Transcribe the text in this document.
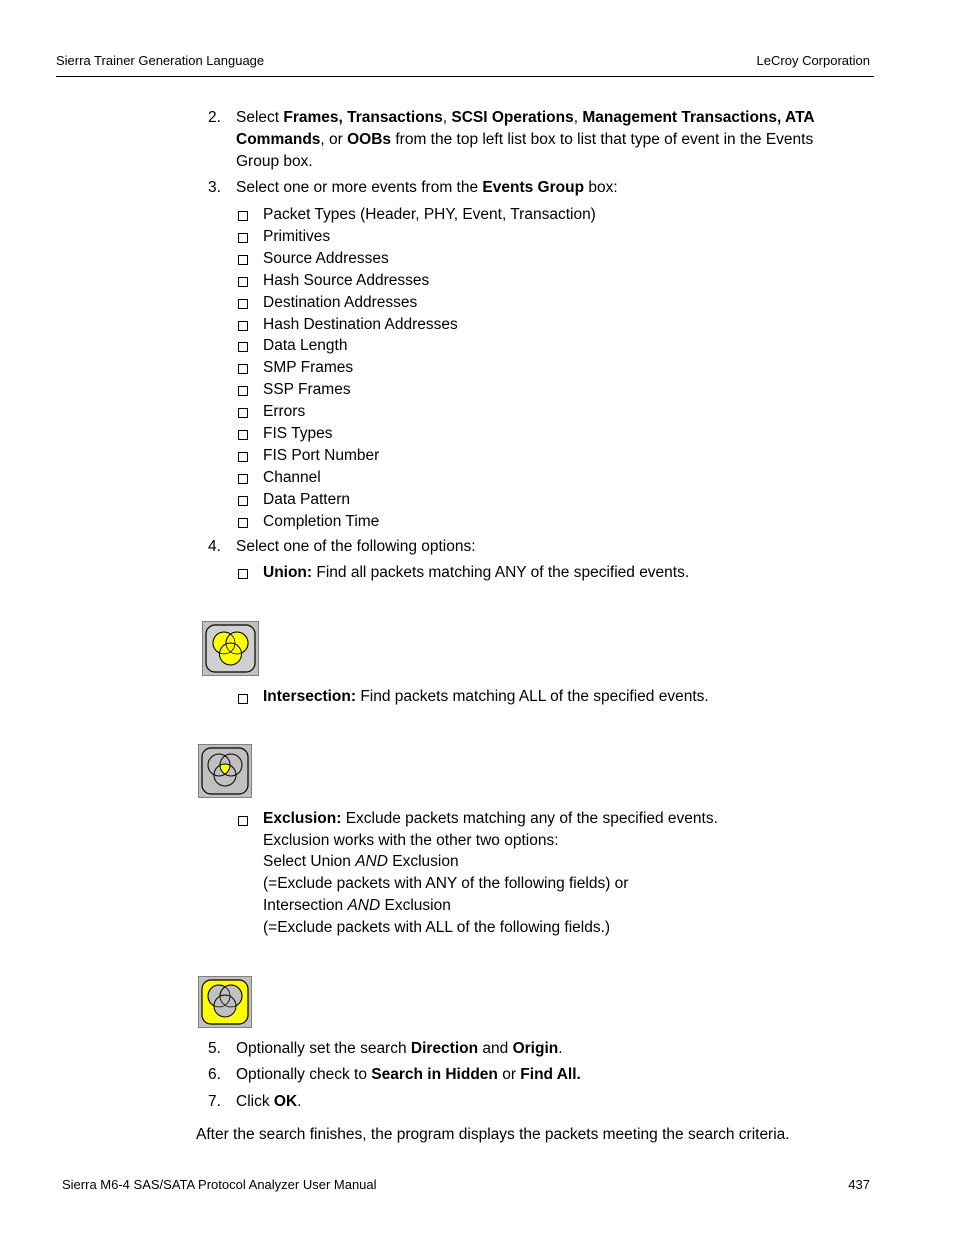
Sierra Trainer Generation Language	LeCroy Corporation
2. Select Frames, Transactions, SCSI Operations, Management Transactions, ATA
Commands, or OOBs from the top left list box to list that type of event in the Events
Group box.
3. Select one or more events from the Events Group box:
Packet Types (Header, PHY, Event, Transaction)
Primitives
Source Addresses
Hash Source Addresses
Destination Addresses
Hash Destination Addresses
Data Length
SMP Frames
SSP Frames
Errors
FIS Types
FIS Port Number
Channel
Data Pattern
Completion Time
4. Select one of the following options:
Union: Find all packets matching ANY of the specified events.
Intersection: Find packets matching ALL of the specified events.
Exclusion: Exclude packets matching any of the specified events.
Exclusion works with the other two options:
Select Union AND Exclusion
(=Exclude packets with ANY of the following fields) or
Intersection AND Exclusion
(=Exclude packets with ALL of the following fields.)
5. Optionally set the search Direction and Origin.
6. Optionally check to Search in Hidden or Find All.
7. Click OK.
After the search finishes, the program displays the packets meeting the search criteria.
Sierra M6-4 SAS/SATA Protocol Analyzer User Manual	437
